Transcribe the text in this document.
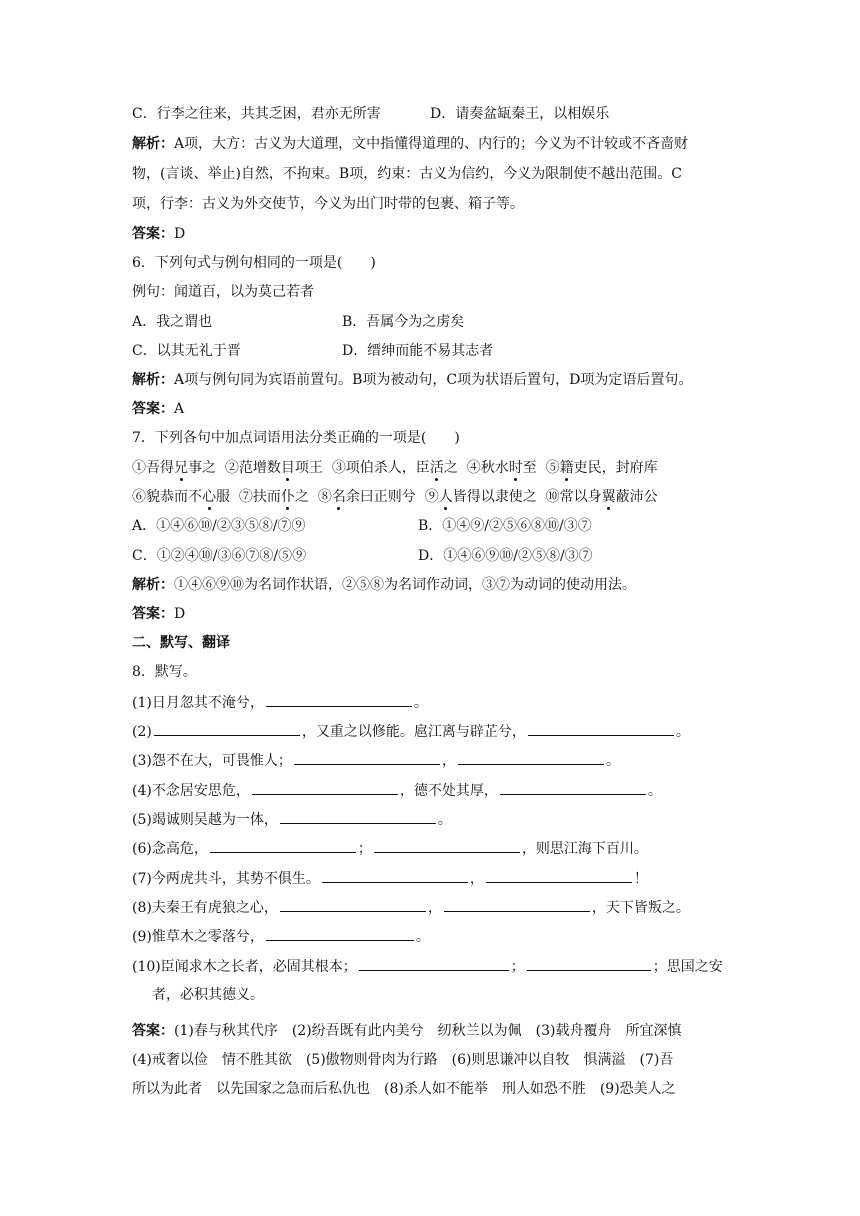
C．行李之往来，共其乏困，君亦无所害	D．请奏盆缻秦王，以相娱乐
解析：A项，大方：古义为大道理，文中指懂得道理的、内行的；今义为不计较或不吝啬财
物，(言谈、举止)自然，不拘束。B项，约束：古义为信约，今义为限制使不越出范围。C
项，行李：古义为外交使节，今义为出门时带的包裹、箱子等。
答案：D
6．下列句式与例句相同的一项是(　　)
例句：闻道百，以为莫己若者
A．我之谓也	B．吾属今为之虏矣
C．以其无礼于晋	D．缙绅而能不易其志者
解析：A项与例句同为宾语前置句。B项为被动句，C项为状语后置句，D项为定语后置句。
答案：A
7．下列各句中加点词语用法分类正确的一项是(　　)
①吾得兄事之 ②范增数目项王 ③项伯杀人，臣活之 ④秋水时至 ⑤籍吏民，封府库
⑥貌恭而不心服 ⑦扶而仆之 ⑧名余曰正则兮 ⑨人皆得以隶使之 ⑩常以身翼蔽沛公
A．①④⑥⑩/②③⑤⑧/⑦⑨	B．①④⑨/②⑤⑥⑧⑩/③⑦
C．①②④⑩/③⑥⑦⑧/⑤⑨	D．①④⑥⑨⑩/②⑤⑧/③⑦
解析：①④⑥⑨⑩为名词作状语，②⑤⑧为名词作动词，③⑦为动词的使动用法。
答案：D
二、默写、翻译
8．默写。
(1)日月忽其不淹兮，	。
(2)	，又重之以修能。扈江离与辟芷兮，	。
(3)怨不在大，可畏惟人；	，	。
(4)不念居安思危，	，德不处其厚，	。
(5)竭诚则吴越为一体，	。
(6)念高危，	；	，则思江海下百川。
(7)今两虎共斗，其势不俱生。	，	！
(8)夫秦王有虎狼之心，	，	，天下皆叛之。
(9)惟草木之零落兮，	。
(10)臣闻求木之长者，必固其根本；	；	；思国之安
者，必积其德义。
答案：(1)春与秋其代序　(2)纷吾既有此内美兮　纫秋兰以为佩　(3)载舟覆舟　所宜深慎
(4)戒奢以俭　情不胜其欲　(5)傲物则骨肉为行路　(6)则思谦冲以自牧　惧满溢　(7)吾
所以为此者　以先国家之急而后私仇也　(8)杀人如不能举　刑人如恐不胜　(9)恐美人之
